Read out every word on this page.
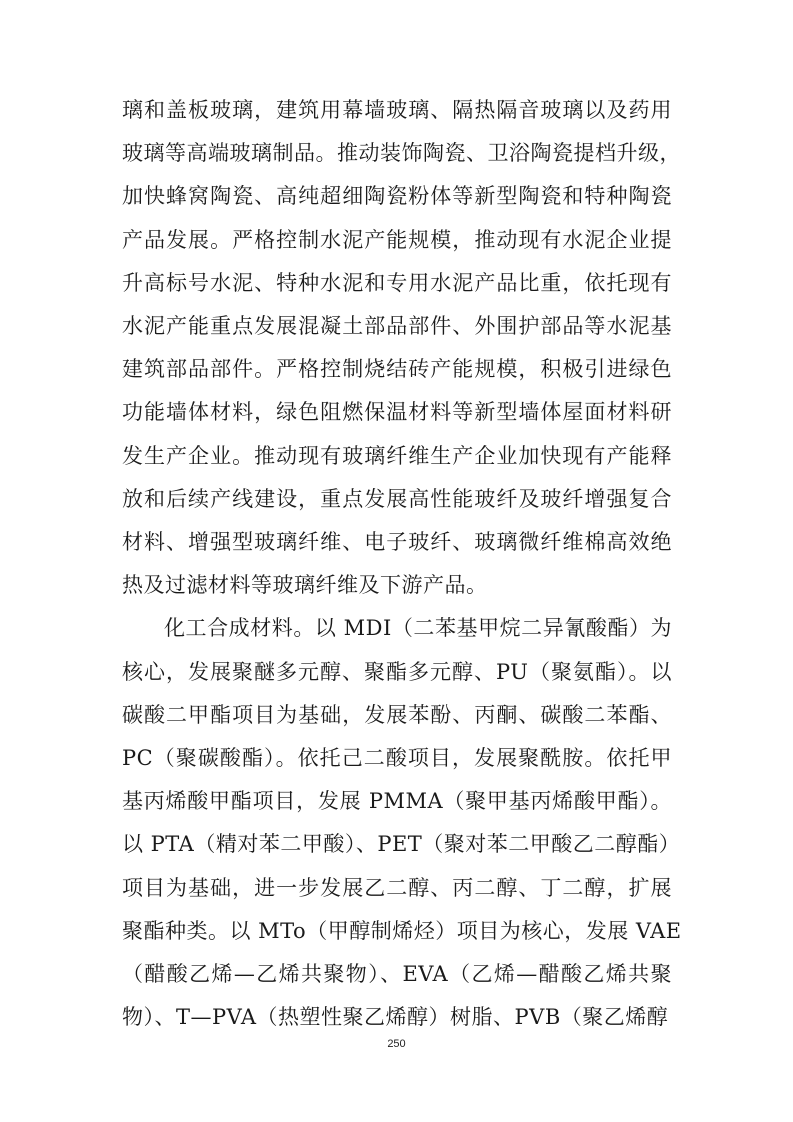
璃和盖板玻璃，建筑用幕墙玻璃、隔热隔音玻璃以及药用
玻璃等高端玻璃制品。推动装饰陶瓷、卫浴陶瓷提档升级，
加快蜂窝陶瓷、高纯超细陶瓷粉体等新型陶瓷和特种陶瓷
产品发展。严格控制水泥产能规模，推动现有水泥企业提
升高标号水泥、特种水泥和专用水泥产品比重，依托现有
水泥产能重点发展混凝土部品部件、外围护部品等水泥基
建筑部品部件。严格控制烧结砖产能规模，积极引进绿色
功能墙体材料，绿色阻燃保温材料等新型墙体屋面材料研
发生产企业。推动现有玻璃纤维生产企业加快现有产能释
放和后续产线建设，重点发展高性能玻纤及玻纤增强复合
材料、增强型玻璃纤维、电子玻纤、玻璃微纤维棉高效绝
热及过滤材料等玻璃纤维及下游产品。
化工合成材料。以 MDI（二苯基甲烷二异氰酸酯）为
核心，发展聚醚多元醇、聚酯多元醇、PU（聚氨酯）。以
碳酸二甲酯项目为基础，发展苯酚、丙酮、碳酸二苯酯、
PC（聚碳酸酯）。依托己二酸项目，发展聚酰胺。依托甲
基丙烯酸甲酯项目，发展 PMMA（聚甲基丙烯酸甲酯）。
以 PTA（精对苯二甲酸）、PET（聚对苯二甲酸乙二醇酯）
项目为基础，进一步发展乙二醇、丙二醇、丁二醇，扩展
聚酯种类。以 MTo（甲醇制烯烃）项目为核心，发展 VAE
（醋酸乙烯—乙烯共聚物）、EVA（乙烯—醋酸乙烯共聚
物）、T—PVA（热塑性聚乙烯醇）树脂、PVB（聚乙烯醇
250
